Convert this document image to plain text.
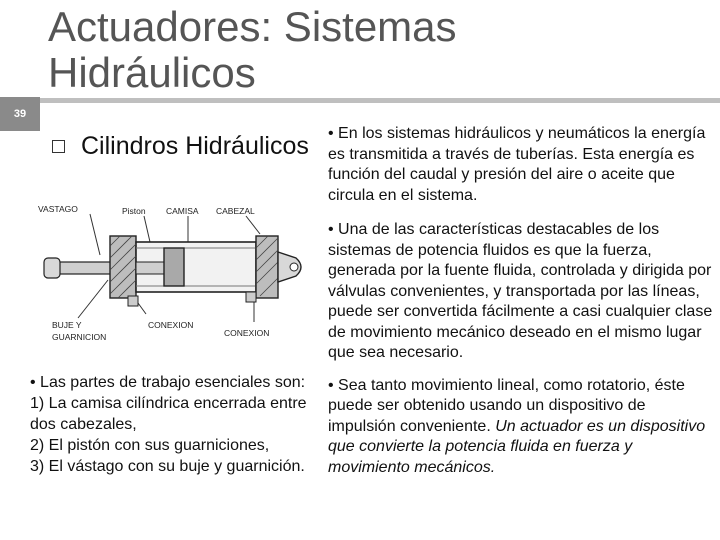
39
Actuadores: Sistemas Hidráulicos
Cilindros Hidráulicos
VASTAGO	Piston CAMISA CABEZAL
BUJE Y
GUARNICION
CONEXION
CONEXION

• En los sistemas hidráulicos y neumáticos la energía es transmitida a través de tuberías. Esta energía es función del caudal y presión del aire o aceite que circula en el sistema.

• Una de las características destacables de los sistemas de potencia fluidos es que la fuerza, generada por la fuente fluida, controlada y dirigida por válvulas convenientes, y transportada por las líneas, puede ser convertida fácilmente a casi cualquier clase de movimiento mecánico deseado en el mismo lugar que sea necesario.

• Sea tanto movimiento lineal, como rotatorio, éste puede ser obtenido usando un dispositivo de impulsión conveniente. Un actuador es un dispositivo que convierte la potencia fluida en fuerza y movimiento mecánicos.

• Las partes de trabajo esenciales son:
1) La camisa cilíndrica encerrada entre dos cabezales,
2) El pistón con sus guarniciones,
3) El vástago con su buje y guarnición.
